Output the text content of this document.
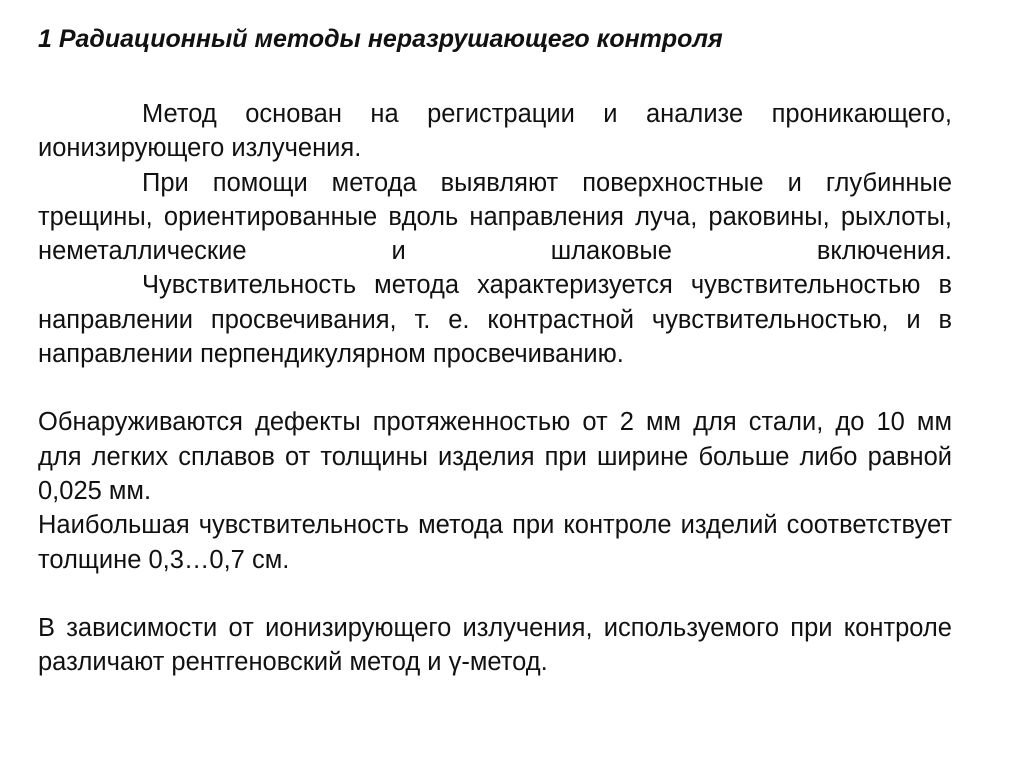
1 Радиационный методы неразрушающего контроля

Метод основан на регистрации и анализе проникающего, ионизирующего излучения.

При помощи метода выявляют поверхностные и глубинные трещины, ориентированные вдоль направления луча, раковины, рыхлоты, неметаллические и шлаковые включения.

Чувствительность метода характеризуется чувствительностью в направлении просвечивания, т. е. контрастной чувствительностью, и в направлении перпендикулярном просвечиванию.

Обнаруживаются дефекты протяженностью от 2 мм для стали, до 10 мм для легких сплавов от толщины изделия при ширине больше либо равной 0,025 мм.

Наибольшая чувствительность метода при контроле изделий соответствует толщине 0,3…0,7 см.

В зависимости от ионизирующего излучения, используемого при контроле различают рентгеновский метод и γ-метод.
